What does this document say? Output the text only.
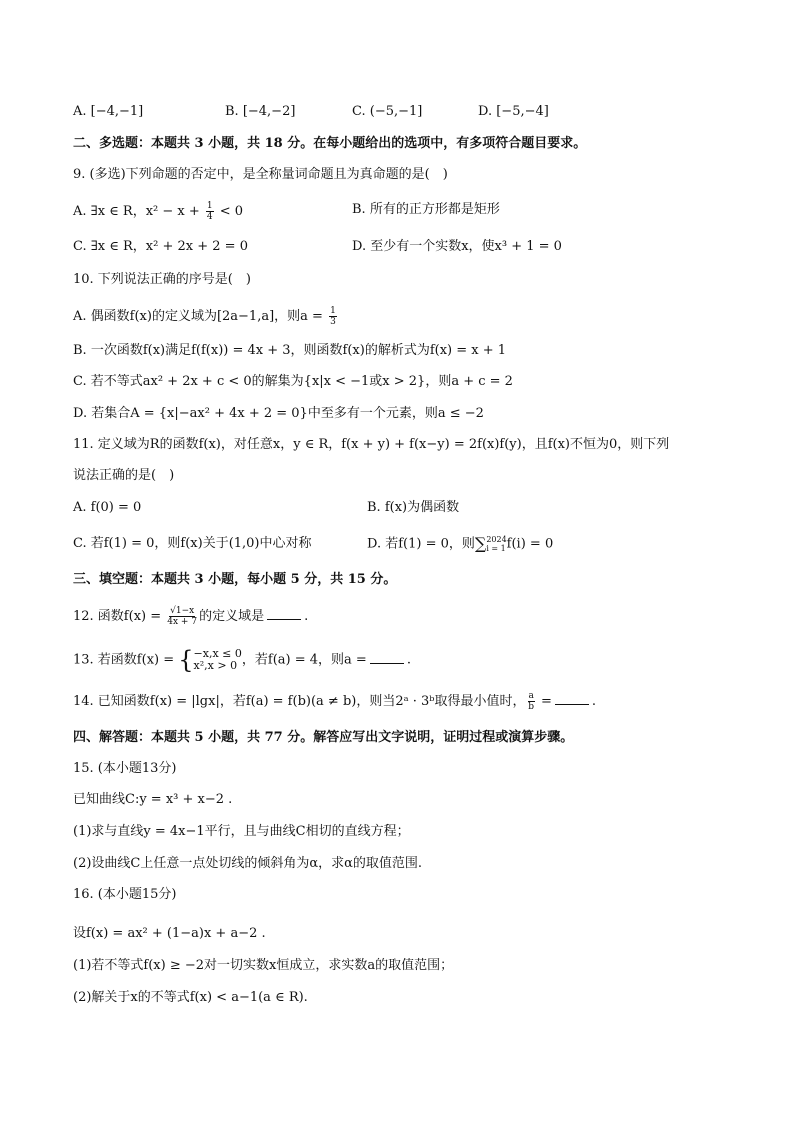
A. [−4,−1]	B. [−4,−2]	C. (−5,−1]	D. [−5,−4]
二、多选题：本题共 3 小题，共 18 分。在每小题给出的选项中，有多项符合题目要求。
9. (多选)下列命题的否定中，是全称量词命题且为真命题的是(　)
A. ∃x ∈ R，$x^2 - x + \frac{1}{4} < 0$	B. 所有的正方形都是矩形
C. ∃x ∈ R，x² + 2x + 2 = 0	D. 至少有一个实数x，使x³ + 1 = 0
10. 下列说法正确的序号是(　)
A. 偶函数f(x)的定义域为[2a−1,a]，则$a = \frac{1}{3}$
B. 一次函数f(x)满足f(f(x)) = 4x + 3，则函数f(x)的解析式为f(x) = x + 1
C. 若不等式ax² + 2x + c < 0的解集为{x|x < −1或x > 2}，则a + c = 2
D. 若集合A = {x|−ax² + 4x + 2 = 0}中至多有一个元素，则a ≤ −2
11. 定义域为R的函数f(x)，对任意x，y ∈ R，f(x + y) + f(x−y) = 2f(x)f(y)，且f(x)不恒为0，则下列
说法正确的是(　)
A. f(0) = 0	B. f(x)为偶函数
C. 若f(1) = 0，则f(x)关于(1,0)中心对称	D. 若f(1) = 0，则 ∑ 2024
i = 1 f(i) = 0
三、填空题：本题共 3 小题，每小题 5 分，共 15 分。
12. 函数$f(x) = \frac{√1-x}{4x + 7}$ 的定义域是	.
13. 若函数f(x) = { −x,x ≤ 0
x²,x > 0 ，若f(a) = 4，则a =	.
14. 已知函数f(x) = |lgx|，若f(a) = f(b)(a ≠ b)，则当2ᵃ · 3ᵇ取得最小值时， $\frac{a}{b}$ =	.
四、解答题：本题共 5 小题，共 77 分。解答应写出文字说明，证明过程或演算步骤。
15. (本小题13分)
已知曲线C:y = x³ + x−2 .
(1)求与直线y = 4x−1平行，且与曲线C相切的直线方程；
(2)设曲线C上任意一点处切线的倾斜角为α，求α的取值范围.
16. (本小题15分)
设f(x) = ax² + (1−a)x + a−2 .
(1)若不等式f(x) ≥ −2对一切实数x恒成立，求实数a的取值范围；
(2)解关于x的不等式f(x) < a−1(a ∈ R).
